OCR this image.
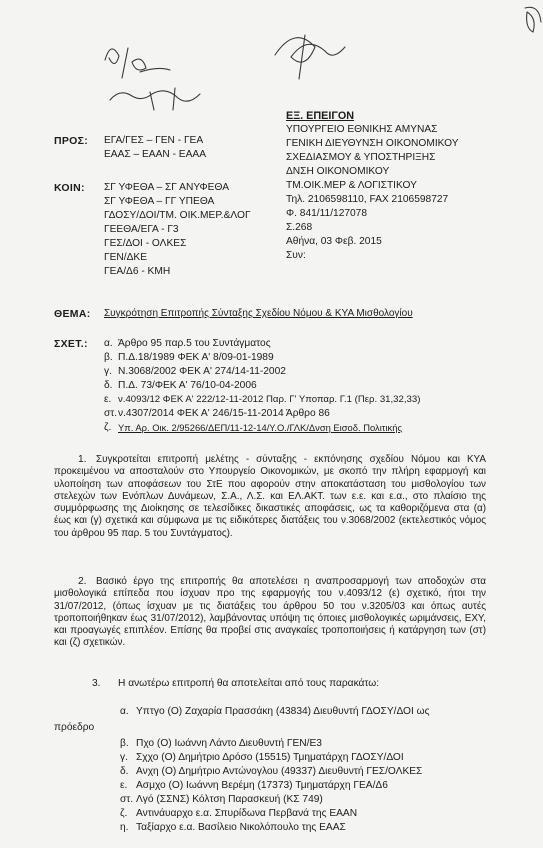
ΠΡΟΣ: ΕΓΑ/ΓΕΣ – ΓΕΝ - ΓΕΑ
ΕΑΑΣ – ΕΑΑΝ - ΕΑΑΑ
ΚΟΙΝ: ΣΓ ΥΦΕΘΑ – ΣΓ ΑΝΥΦΕΘΑ
ΣΓ ΥΦΕΘΑ – ΓΓ ΥΠΕΘΑ
ΓΔΟΣΥ/ΔΟΙ/ΤΜ. ΟΙΚ.ΜΕΡ.&ΛΟΓ
ΓΕΕΘΑ/ΕΓΑ - Γ3
ΓΕΣ/ΔΟΙ - ΟΛΚΕΣ
ΓΕΝ/ΔΚΕ
ΓΕΑ/Δ6 - ΚΜΗ
ΕΞ. ΕΠΕΙΓΟΝ
ΥΠΟΥΡΓΕΙΟ ΕΘΝΙΚΗΣ ΑΜΥΝΑΣ
ΓΕΝΙΚΗ ΔΙΕΥΘΥΝΣΗ ΟΙΚΟΝΟΜΙΚΟΥ
ΣΧΕΔΙΑΣΜΟΥ & ΥΠΟΣΤΗΡΙΞΗΣ
ΔΝΣΗ ΟΙΚΟΝΟΜΙΚΟΥ
ΤΜ.ΟΙΚ.ΜΕΡ & ΛΟΓΙΣΤΙΚΟΥ
Τηλ. 2106598110, FAX 2106598727
Φ. 841/11/127078
Σ.268
Αθήνα, 03 Φεβ. 2015
Συν:
ΘΕΜΑ: Συγκρότηση Επιτροπής Σύνταξης Σχεδίου Νόμου & ΚΥΑ Μισθολογίου
ΣΧΕΤ.: α. Άρθρο 95 παρ.5 του Συντάγματος
β. Π.Δ.18/1989 ΦΕΚ Α' 8/09-01-1989
γ. Ν.3068/2002 ΦΕΚ Α' 274/14-11-2002
δ. Π.Δ. 73/ΦΕΚ Α' 76/10-04-2006
ε. ν.4093/12 ΦΕΚ Α' 222/12-11-2012 Παρ. Γ' Υποπαρ. Γ.1 (Περ. 31,32,33)
στ. ν.4307/2014 ΦΕΚ Α' 246/15-11-2014 Άρθρο 86
ζ. Υπ. Αρ. Οικ. 2/95266/ΔΕΠ/11-12-14/Υ.Ο./ΓΛΚ/Δνση Εισοδ. Πολιτικής
1. Συγκροτείται επιτροπή μελέτης - σύνταξης - εκπόνησης σχεδίου Νόμου και ΚΥΑ προκειμένου να αποσταλούν στο Υπουργείο Οικονομικών, με σκοπό την πλήρη εφαρμογή και υλοποίηση των αποφάσεων του ΣτΕ που αφορούν στην αποκατάσταση του μισθολογίου των στελεχών των Ενόπλων Δυνάμεων, Σ.Α., Λ.Σ. και ΕΛ.ΑΚΤ. των ε.ε. και ε.α., στο πλαίσιο της συμμόρφωσης της Διοίκησης σε τελεσίδικες δικαστικές αποφάσεις, ως τα καθοριζόμενα στα (α) έως και (γ) σχετικά και σύμφωνα με τις ειδικότερες διατάξεις του ν.3068/2002 (εκτελεστικός νόμος του άρθρου 95 παρ. 5 του Συντάγματος).
2. Βασικό έργο της επιτροπής θα αποτελέσει η αναπροσαρμογή των αποδοχών στα μισθολογικά επίπεδα που ίσχυαν προ της εφαρμογής του ν.4093/12 (ε) σχετικό, ήτοι την 31/07/2012, (όπως ίσχυαν με τις διατάξεις του άρθρου 50 του ν.3205/03 και όπως αυτές τροποποιήθηκαν έως 31/07/2012), λαμβάνοντας υπόψη τις όποιες μισθολογικές ωριμάνσεις, ΕΧΥ, και προαγωγές επιπλέον. Επίσης θα προβεί στις αναγκαίες τροποποιήσεις ή κατάργηση των (στ) και (ζ) σχετικών.
3. Η ανωτέρω επιτροπή θα αποτελείται από τους παρακάτω:
α. Υπτγο (Ο) Ζαχαρία Πρασσάκη (43834) Διευθυντή ΓΔΟΣΥ/ΔΟΙ ως
πρόεδρο
β. Πχο (Ο) Ιωάννη Λάντο Διευθυντή ΓΕΝ/Ε3
γ. Σχχο (Ο) Δημήτριο Δρόσο (15515) Τμηματάρχη ΓΔΟΣΥ/ΔΟΙ
δ. Ανχη (Ο) Δημήτριο Αντώνογλου (49337) Διευθυντή ΓΕΣ/ΟΛΚΕΣ
ε. Ασμχο (Ο) Ιωάννη Βερέμη (17373) Τμηματάρχη ΓΕΑ/Δ6
στ. Λγό (ΣΣΝΣ) Κόλτση Παρασκευή (ΚΣ 749)
ζ. Αντινάυαρχο ε.α. Σπυρίδωνα Περβανά της ΕΑΑΝ
η. Ταξίαρχο ε.α. Βασίλειο Νικολόπουλο της ΕΑΑΣ
